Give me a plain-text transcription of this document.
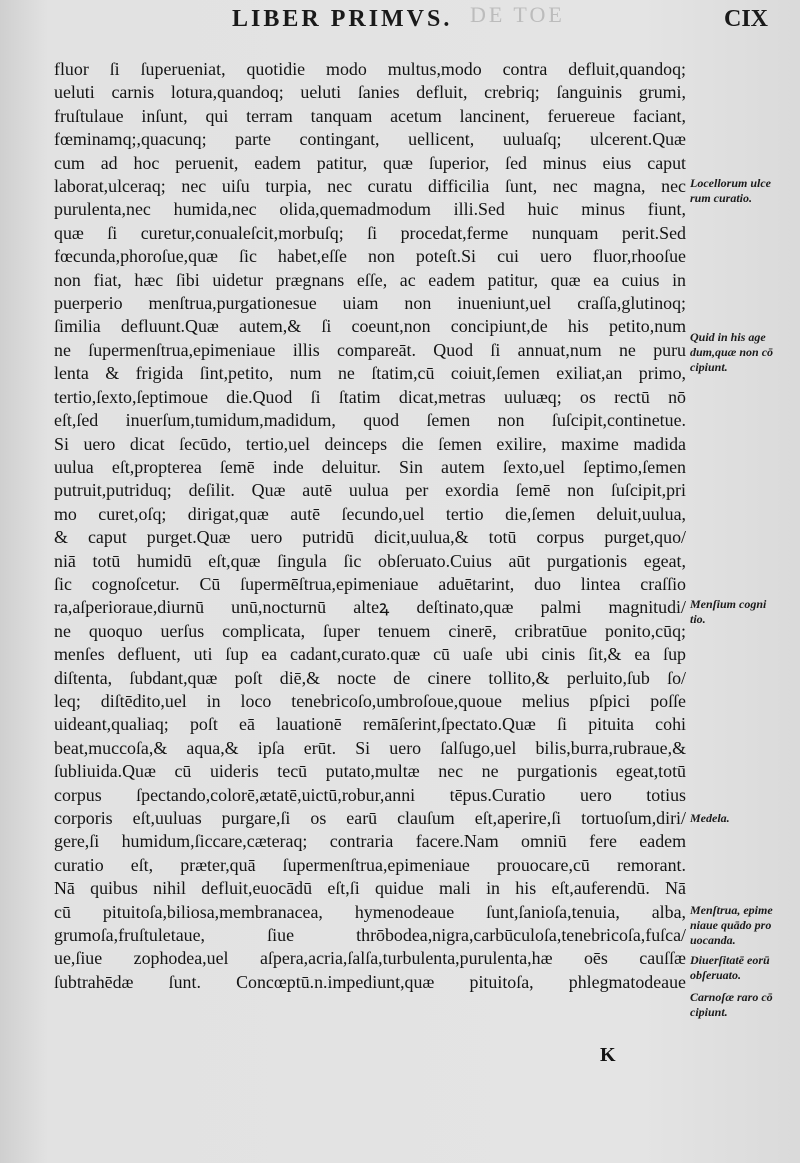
DE TOE
LIBER PRIMVS.	CIX
fluor ſi ſuperueniat, quotidie modo multus,modo contra defluit,quandoq;
ueluti carnis lotura,quandoq; ueluti ſanies defluit, crebriq; ſanguinis grumi,
fruſtulaue inſunt, qui terram tanquam acetum lancinent, feruereue faciant,
fœminamq;,quacunq; parte contingant, uellicent, uuluaſq; ulcerent.Quæ
cum ad hoc peruenit, eadem patitur, quæ ſuperior, ſed minus eius caput
laborat,ulceraq; nec uiſu turpia, nec curatu difficilia ſunt, nec magna, nec
purulenta,nec humida,nec olida,quemadmodum illi.Sed huic minus fiunt,
quæ ſi curetur,conualeſcit,morbuſq; ſi procedat,ferme nunquam perit.Sed
fœcunda,phoroſue,quæ ſic habet,eſſe non poteſt.Si cui uero fluor,rhooſue
non fiat, hæc ſibi uidetur prægnans eſſe, ac eadem patitur, quæ ea cuius in
puerperio menſtrua,purgationesue uiam non inueniunt,uel craſſa,glutinoq;
ſimilia defluunt.Quæ autem,& ſi coeunt,non concipiunt,de his petito,num
ne ſupermenſtrua,epimeniaue illis compareāt. Quod ſi annuat,num ne puru
lenta & frigida ſint,petito, num ne ſtatim,cū coiuit,ſemen exiliat,an primo,
tertio,ſexto,ſeptimoue die.Quod ſi ſtatim dicat,metras uuluæq; os rectū nō
eſt,ſed inuerſum,tumidum,madidum, quod ſemen non ſuſcipit,continetue.
Si uero dicat ſecūdo, tertio,uel deinceps die ſemen exilire, maxime madida
uulua eſt,propterea ſemē inde deluitur. Sin autem ſexto,uel ſeptimo,ſemen
putruit,putriduq; deſilit. Quæ autē uulua per exordia ſemē non ſuſcipit,pri
mo curet,oſq; dirigat,quæ autē ſecundo,uel tertio die,ſemen deluit,uulua,
& caput purget.Quæ uero putridū dicit,uulua,& totū corpus purget,quo/
niā totū humidū eſt,quæ ſingula ſic obſeruato.Cuius aūt purgationis egeat,
ſic cognoſcetur. Cū ſupermēſtrua,epimeniaue aduētarint, duo lintea craſſio
ra,aſperioraue,diurnū unū,nocturnū alteꝝ deſtinato,quæ palmi magnitudi/
ne quoquo uerſus complicata, ſuper tenuem cinerē, cribratūue ponito,cūq;
menſes defluent, uti ſup ea cadant,curato.quæ cū uaſe ubi cinis ſit,& ea ſup
diſtenta, ſubdant,quæ poſt diē,& nocte de cinere tollito,& perluito,ſub ſo/
leq; diſtēdito,uel in loco tenebricoſo,umbroſoue,quoue melius pſpici poſſe
uideant,qualiaq; poſt eā lauationē remāſerint,ſpectato.Quæ ſi pituita cohi
beat,muccoſa,& aqua,& ipſa erūt. Si uero ſalſugo,uel bilis,burra,rubraue,&
ſubliuida.Quæ cū uideris tecū putato,multæ nec ne purgationis egeat,totū
corpus ſpectando,colorē,ætatē,uictū,robur,anni tēpus.Curatio uero totius
corporis eſt,uuluas purgare,ſi os earū clauſum eſt,aperire,ſi tortuoſum,diri/
gere,ſi humidum,ſiccare,cæteraq; contraria facere.Nam omniū fere eadem
curatio eſt, præter,quā ſupermenſtrua,epimeniaue prouocare,cū remorant.
Nā quibus nihil defluit,euocādū eſt,ſi quidue mali in his eſt,auferendū. Nā
cū pituitoſa,biliosa,membranacea, hymenodeaue ſunt,ſanioſa,tenuia, alba,
grumoſa,fruſtuletaue, ſiue thrōbodea,nigra,carbūculoſa,tenebricoſa,fuſca/
ue,ſiue zophodea,uel aſpera,acria,ſalſa,turbulenta,purulenta,hæ oēs cauſſæ
ſubtrahēdæ ſunt. Concœptū.n.impediunt,quæ pituitoſa, phlegmatodeaue
K
Locellorum ulce
rum curatio.
Quid in his age
dum,quæ non cō
cipiunt.
Menſium cogni
tio.
Medela.
Menſtrua, epime
niaue quādo pro
uocanda.
Diuerſitatē eorū
obſeruato.
Carnoſæ raro cō
cipiunt.
